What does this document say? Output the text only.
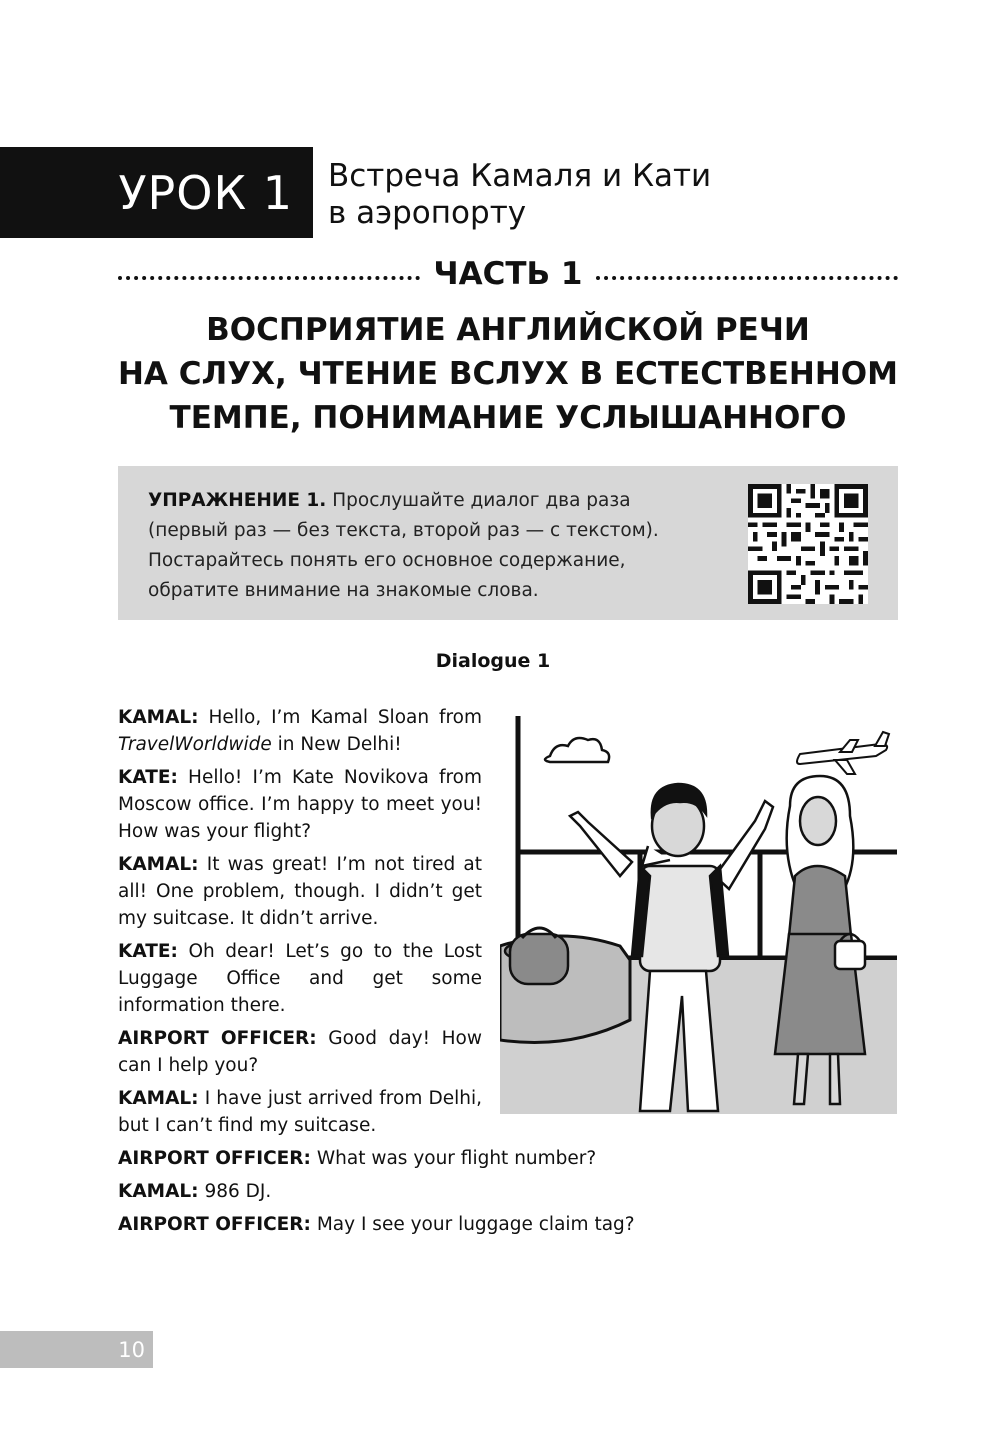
УРОК 1 Встреча Камаля и Кати
в аэропорту
ЧАСТЬ 1
ВОСПРИЯТИЕ АНГЛИЙСКОЙ РЕЧИ
НА СЛУХ, ЧТЕНИЕ ВСЛУХ В ЕСТЕСТВЕННОМ
ТЕМПЕ, ПОНИМАНИЕ УСЛЫШАННОГО
УПРАЖНЕНИЕ 1. Прослушайте диалог два раза (первый раз — без текста, второй раз — с текстом). Постарайтесь понять его основное содержание, обратите внимание на знакомые слова.
Dialogue 1

KAMAL: Hello, I’m Kamal Sloan from TravelWorldwide in New Delhi!

KATE: Hello! I’m Kate Novikova from Moscow office. I’m happy to meet you! How was your flight?

KAMAL: It was great! I’m not tired at all! One problem, though. I didn’t get my suitcase. It didn’t arrive.

KATE: Oh dear! Let’s go to the Lost Luggage Office and get some information there.

AIRPORT OFFICER: Good day! How can I help you?

KAMAL: I have just arrived from Delhi, but I can’t find my suitcase.

AIRPORT OFFICER: What was your flight number?

KAMAL: 986 DJ.

AIRPORT OFFICER: May I see your luggage claim tag?

10
